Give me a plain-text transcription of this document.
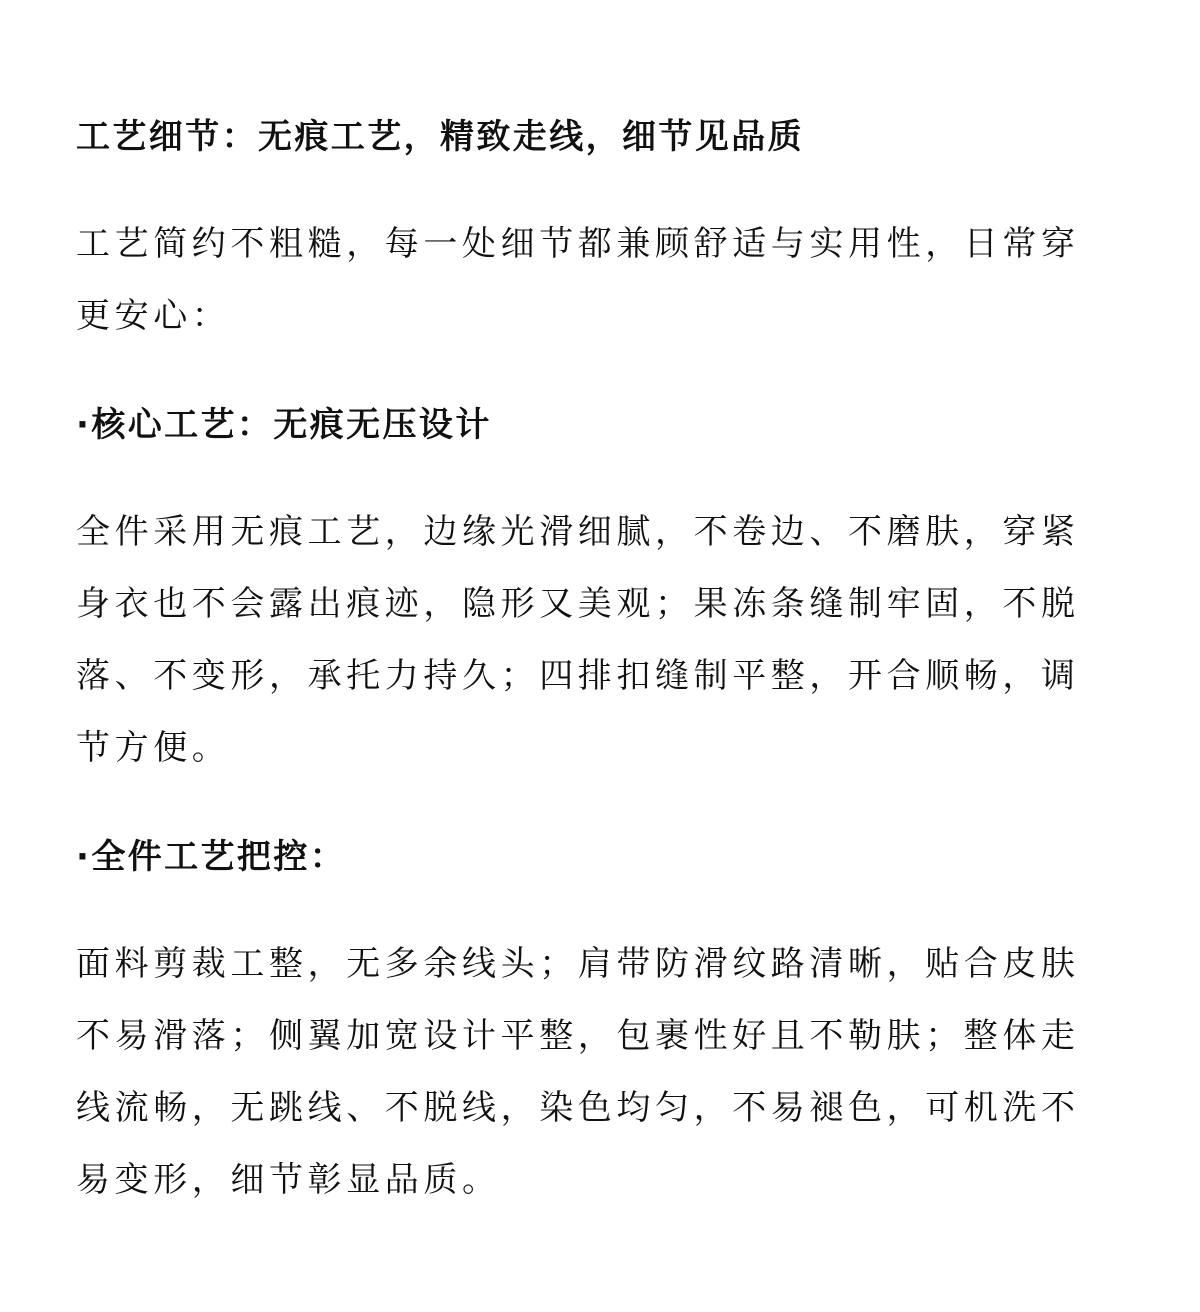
工艺细节：无痕工艺，精致走线，细节见品质
工艺简约不粗糙，每一处细节都兼顾舒适与实用性，日常穿
更安心：
·核心工艺：无痕无压设计
全件采用无痕工艺，边缘光滑细腻，不卷边、不磨肤，穿紧
身衣也不会露出痕迹，隐形又美观；果冻条缝制牢固，不脱
落、不变形，承托力持久；四排扣缝制平整，开合顺畅，调
节方便。
·全件工艺把控：
面料剪裁工整，无多余线头；肩带防滑纹路清晰，贴合皮肤
不易滑落；侧翼加宽设计平整，包裹性好且不勒肤；整体走
线流畅，无跳线、不脱线，染色均匀，不易褪色，可机洗不
易变形，细节彰显品质。
